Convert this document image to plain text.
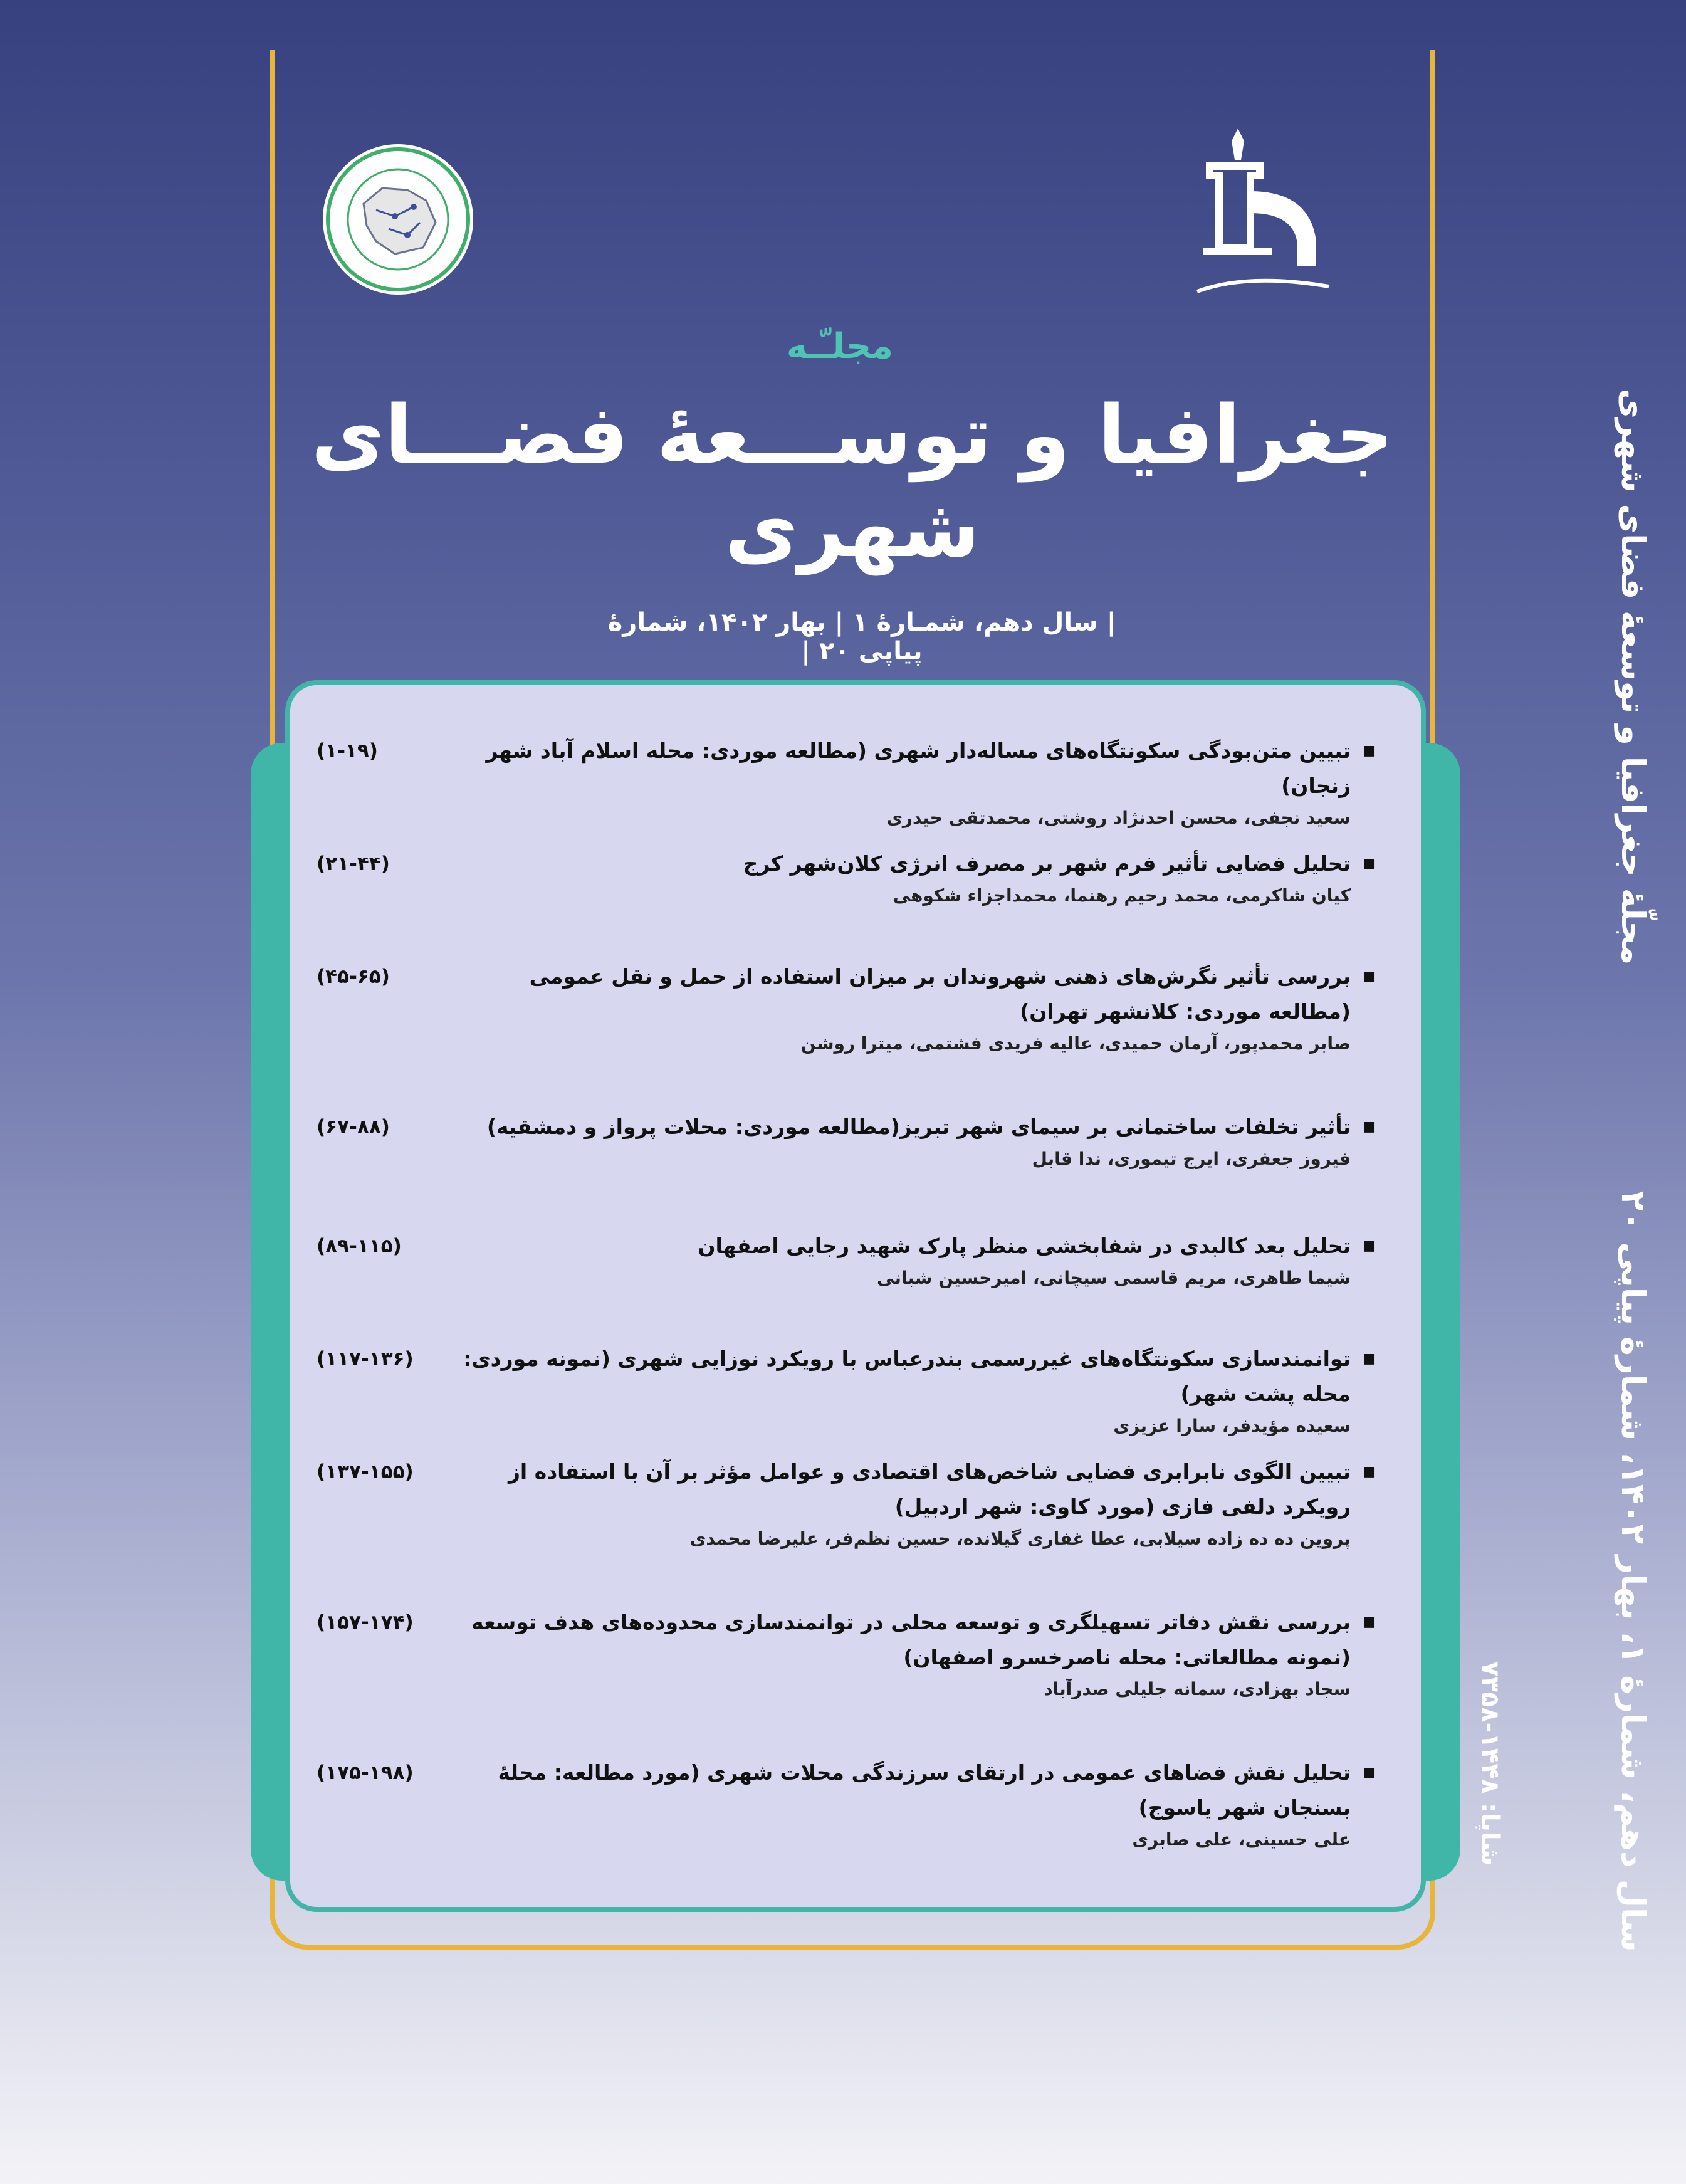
مجلـّـه
جغرافیا و توســـعهٔ فضـــای شهری
| سال دهم، شمـارهٔ ۱ | بهار ۱۴۰۲، شمارهٔ پیاپی ۲۰ |	مجلّهٔ جغرافیا و توسعهٔ فضای شهری
سال دهم، شمارهٔ ۱، بهار ۱۴۰۲، شمارهٔ پیاپی ۲۰
شاپا: ۱۴۴۸-۷۳۵۸
■ تبیین متن‌بودگی سکونتگاه‌های مساله‌دار شهری (مطالعه موردی: محله اسلام آباد شهر زنجان)
(۱-۱۹)
سعید نجفی، محسن احدنژاد روشتی، محمدتقی حیدری
■ تحلیل فضایی تأثیر فرم شهر بر مصرف انرژی کلان‌شهر کرج
(۲۱-۴۴)
کیان شاکرمی، محمد رحیم رهنما، محمداجزاء شکوهی
■ بررسی تأثیر نگرش‌های ذهنی شهروندان بر میزان استفاده از حمل و نقل عمومی (مطالعه موردی: کلانشهر تهران)
(۴۵-۶۵)
صابر محمدپور، آرمان حمیدی، عالیه فریدی فشتمی، میترا روشن
■ تأثیر تخلفات ساختمانی بر سیمای شهر تبریز(مطالعه موردی: محلات پرواز و دمشقیه)
(۶۷-۸۸)
فیروز جعفری، ایرج تیموری، ندا قابل
■ تحلیل بعد کالبدی در شفابخشی منظر پارک شهید رجایی اصفهان
(۸۹-۱۱۵)
شیما طاهری، مریم قاسمی سیچانی، امیرحسین شبانی
■ توانمندسازی سکونتگاه‌های غیررسمی بندرعباس با رویکرد نوزایی شهری (نمونه موردی: محله پشت شهر)
(۱۱۷-۱۳۶)
سعیده مؤیدفر، سارا عزیزی
■ تبیین الگوی نابرابری فضایی شاخص‌های اقتصادی و عوامل مؤثر بر آن با استفاده از رویکرد دلفی فازی (مورد کاوی: شهر اردبیل)
(۱۳۷-۱۵۵)
پروین ده ده زاده سیلابی، عطا غفاری گیلانده، حسین نظم‌فر، علیرضا محمدی
■ بررسی نقش دفاتر تسهیلگری و توسعه محلی در توانمندسازی محدوده‌های هدف توسعه (نمونه مطالعاتی: محله ناصرخسرو اصفهان)
(۱۵۷-۱۷۴)
سجاد بهزادی، سمانه جلیلی صدرآباد
■ تحلیل نقش فضاهای عمومی در ارتقای سرزندگی محلات شهری (مورد مطالعه: محلهٔ بسنجان شهر یاسوج)
(۱۷۵-۱۹۸)
علی حسینی، علی صابری
